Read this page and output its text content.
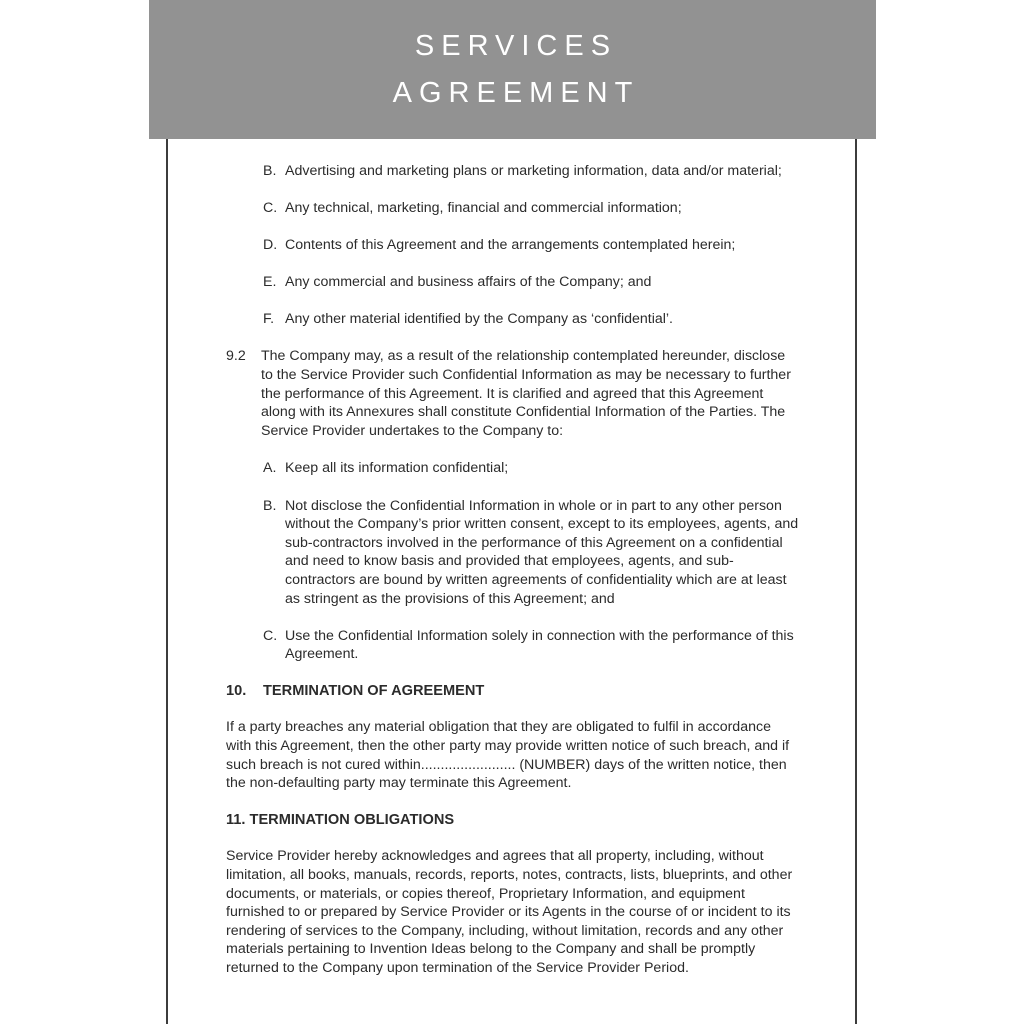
SERVICES
AGREEMENT
B. Advertising and marketing plans or marketing information, data and/or material;
C. Any technical, marketing, financial and commercial information;
D. Contents of this Agreement and the arrangements contemplated herein;
E. Any commercial and business affairs of the Company; and
F. Any other material identified by the Company as ‘confidential’.
9.2	The Company may, as a result of the relationship contemplated hereunder, disclose to the Service Provider such Confidential Information as may be necessary to further the performance of this Agreement. It is clarified and agreed that this Agreement along with its Annexures shall constitute Confidential Information of the Parties. The Service Provider undertakes to the Company to:
A. Keep all its information confidential;
B. Not disclose the Confidential Information in whole or in part to any other person without the Company’s prior written consent, except to its employees, agents, and sub-contractors involved in the performance of this Agreement on a confidential and need to know basis and provided that employees, agents, and sub-contractors are bound by written agreements of confidentiality which are at least as stringent as the provisions of this Agreement; and
C. Use the Confidential Information solely in connection with the performance of this Agreement.
10.	TERMINATION OF AGREEMENT
If a party breaches any material obligation that they are obligated to fulfil in accordance with this Agreement, then the other party may provide written notice of such breach, and if such breach is not cured within........................ (NUMBER) days of the written notice, then the non-defaulting party may terminate this Agreement.
11. TERMINATION OBLIGATIONS
Service Provider hereby acknowledges and agrees that all property, including, without limitation, all books, manuals, records, reports, notes, contracts, lists, blueprints, and other documents, or materials, or copies thereof, Proprietary Information, and equipment furnished to or prepared by Service Provider or its Agents in the course of or incident to its rendering of services to the Company, including, without limitation, records and any other materials pertaining to Invention Ideas belong to the Company and shall be promptly returned to the Company upon termination of the Service Provider Period.
